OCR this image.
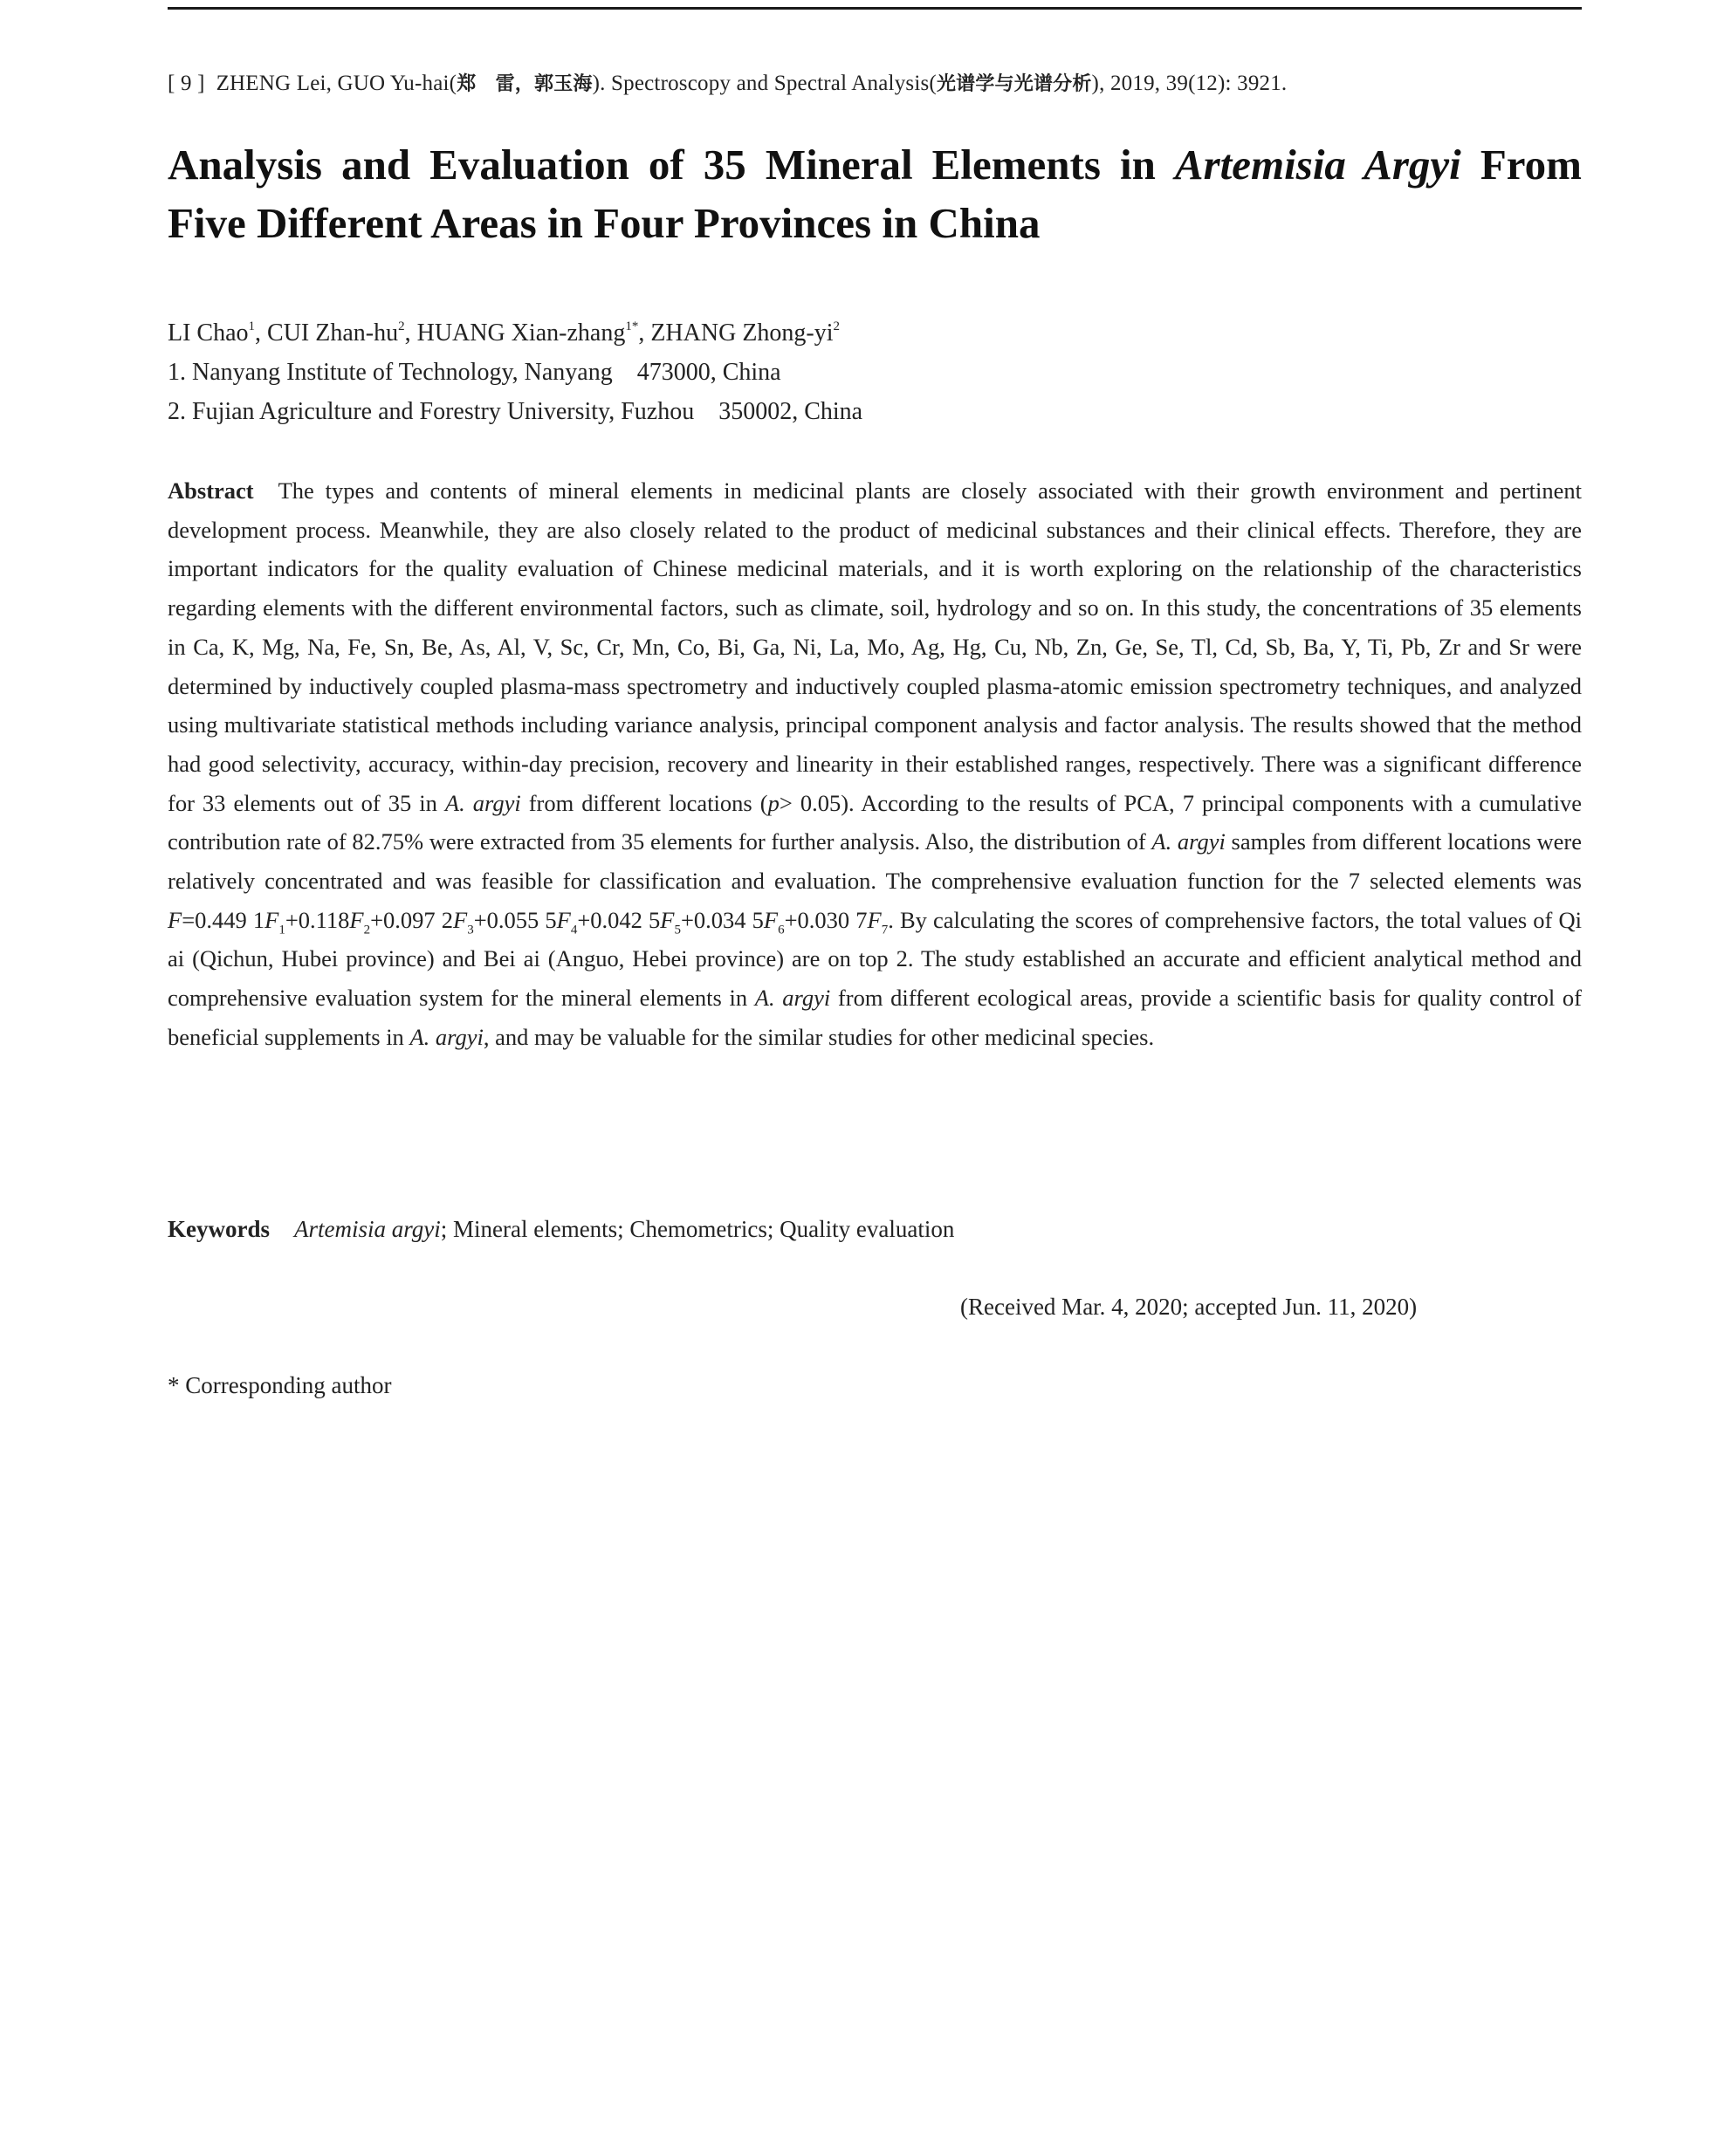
[ 9 ] ZHENG Lei, GUO Yu-hai(郑　雷，郭玉海). Spectroscopy and Spectral Analysis(光谱学与光谱分析), 2019, 39(12): 3921.
Analysis and Evaluation of 35 Mineral Elements in Artemisia Argyi From Five Different Areas in Four Provinces in China
LI Chao$^1$, CUI Zhan-$hu^2$, HUANG Xian-zhang$^{1*}$, ZHANG Zhong-$yi^2$
1. Nanyang Institute of Technology, Nanyang　473000, China
2. Fujian Agriculture and Forestry University, Fuzhou　350002, China

Abstract The types and contents of mineral elements in medicinal plants are closely associated with their growth environment and pertinent development process. Meanwhile, they are also closely related to the product of medicinal substances and their clinical effects. Therefore, they are important indicators for the quality evaluation of Chinese medicinal materials, and it is worth exploring on the relationship of the characteristics regarding elements with the different environmental factors, such as climate, soil, hydrology and so on. In this study, the concentrations of 35 elements in Ca, K, Mg, Na, Fe, Sn, Be, As, Al, V, Sc, Cr, Mn, Co, Bi, Ga, Ni, La, Mo, Ag, Hg, Cu, Nb, Zn, Ge, Se, Tl, Cd, Sb, Ba, Y, Ti, Pb, Zr and Sr were determined by inductively coupled plasma-mass spectrometry and inductively coupled plasma-atomic emission spectrometry techniques, and analyzed using multivariate statistical methods including variance analysis, principal component analysis and factor analysis. The results showed that the method had good selectivity, accuracy, within-day precision, recovery and linearity in their established ranges, respectively. There was a significant difference for 33 elements out of 35 in A. argyi from different locations (p> 0.05). According to the results of PCA, 7 principal components with a cumulative contribution rate of 82.75% were extracted from 35 elements for further analysis. Also, the distribution of A. argyi samples from different locations were relatively concentrated and was feasible for classification and evaluation. The comprehensive evaluation function for the 7 selected elements was F=0.449 $1F_1+0.118F_2+0.097$ $2F_3+0.055$ $5F_4+0.042$ $5F_5+0.034$ $5F_6+0.030$ $7F_7$. By calculating the scores of comprehensive factors, the total values of Qi ai (Qichun, Hubei province) and Bei ai (Anguo, Hebei province) are on top 2. The study established an accurate and efficient analytical method and comprehensive evaluation system for the mineral elements in A. argyi from different ecological areas, provide a scientific basis for quality control of beneficial supplements in A. argyi, and may be valuable for the similar studies for other medicinal species.

Keywords Artemisia argyi; Mineral elements; Chemometrics; Quality evaluation
(Received Mar. 4, 2020; accepted Jun. 11, 2020)
* Corresponding author
